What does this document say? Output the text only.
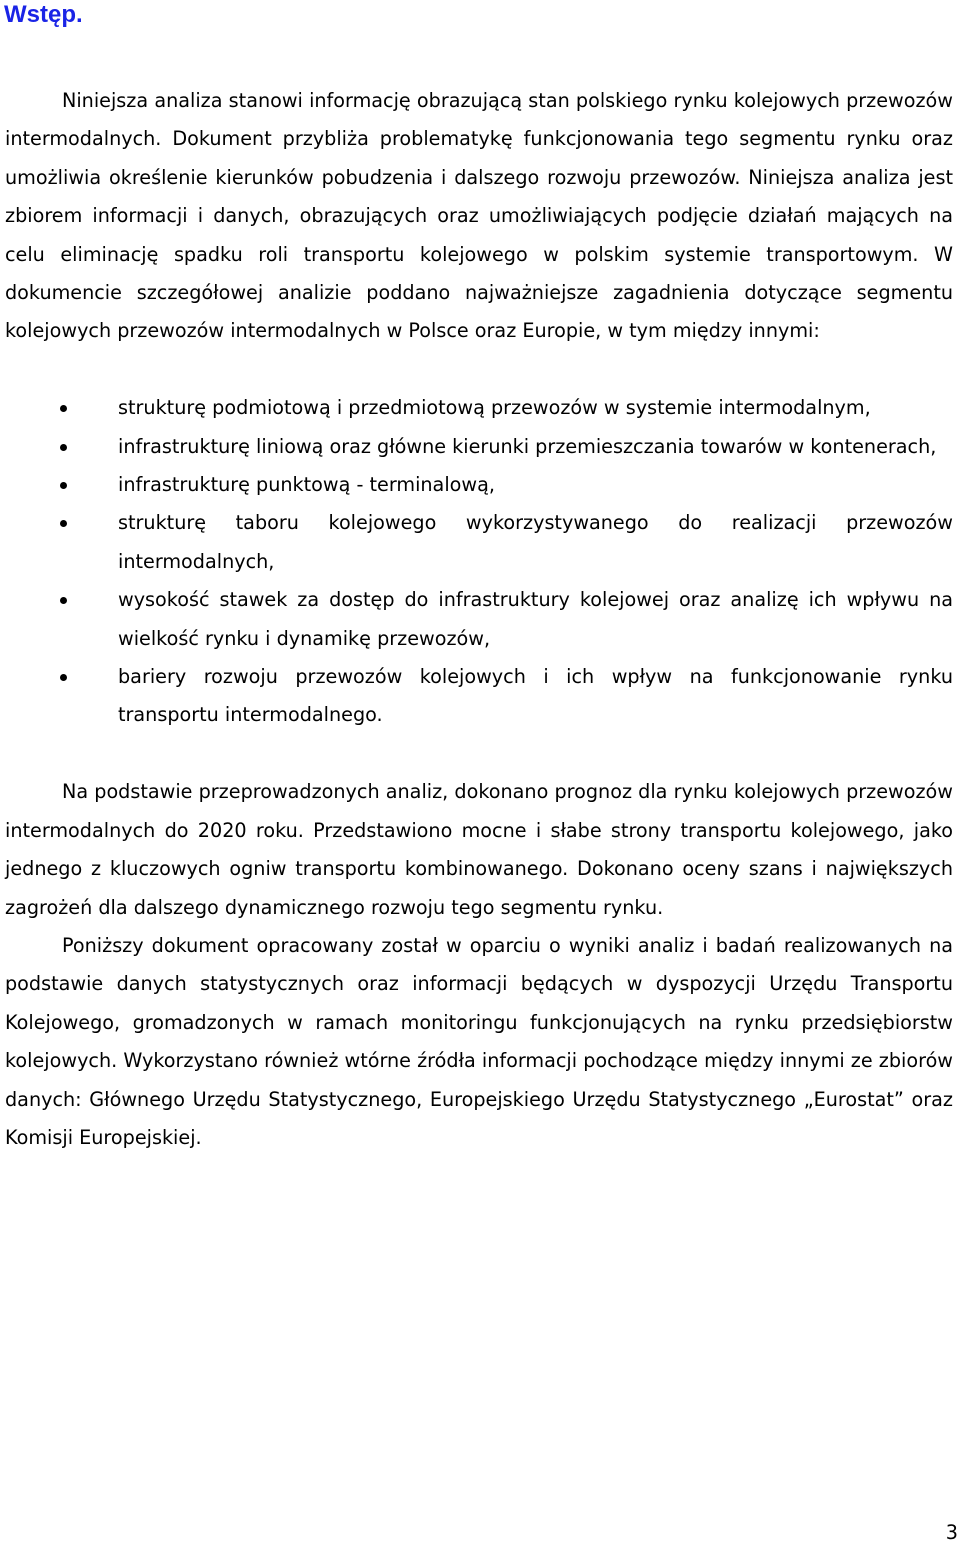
Wstęp.

Niniejsza analiza stanowi informację obrazującą stan polskiego rynku kolejowych przewozów intermodalnych. Dokument przybliża problematykę funkcjonowania tego segmentu rynku oraz umożliwia określenie kierunków pobudzenia i dalszego rozwoju przewozów. Niniejsza analiza jest zbiorem informacji i danych, obrazujących oraz umożliwiających podjęcie działań mających na celu eliminację spadku roli transportu kolejowego w polskim systemie transportowym. W dokumencie szczegółowej analizie poddano najważniejsze zagadnienia dotyczące segmentu kolejowych przewozów intermodalnych w Polsce oraz Europie, w tym między innymi:

strukturę podmiotową i przedmiotową przewozów w systemie intermodalnym,
infrastrukturę liniową oraz główne kierunki przemieszczania towarów w kontenerach,
infrastrukturę punktową - terminalową,
strukturę taboru kolejowego wykorzystywanego do realizacji przewozów intermodalnych,
wysokość stawek za dostęp do infrastruktury kolejowej oraz analizę ich wpływu na wielkość rynku i dynamikę przewozów,
bariery rozwoju przewozów kolejowych i ich wpływ na funkcjonowanie rynku transportu intermodalnego.

Na podstawie przeprowadzonych analiz, dokonano prognoz dla rynku kolejowych przewozów intermodalnych do 2020 roku. Przedstawiono mocne i słabe strony transportu kolejowego, jako jednego z kluczowych ogniw transportu kombinowanego. Dokonano oceny szans i największych zagrożeń dla dalszego dynamicznego rozwoju tego segmentu rynku.

Poniższy dokument opracowany został w oparciu o wyniki analiz i badań realizowanych na podstawie danych statystycznych oraz informacji będących w dyspozycji Urzędu Transportu Kolejowego, gromadzonych w ramach monitoringu funkcjonujących na rynku przedsiębiorstw kolejowych. Wykorzystano również wtórne źródła informacji pochodzące między innymi ze zbiorów danych: Głównego Urzędu Statystycznego, Europejskiego Urzędu Statystycznego „Eurostat” oraz Komisji Europejskiej.

3
